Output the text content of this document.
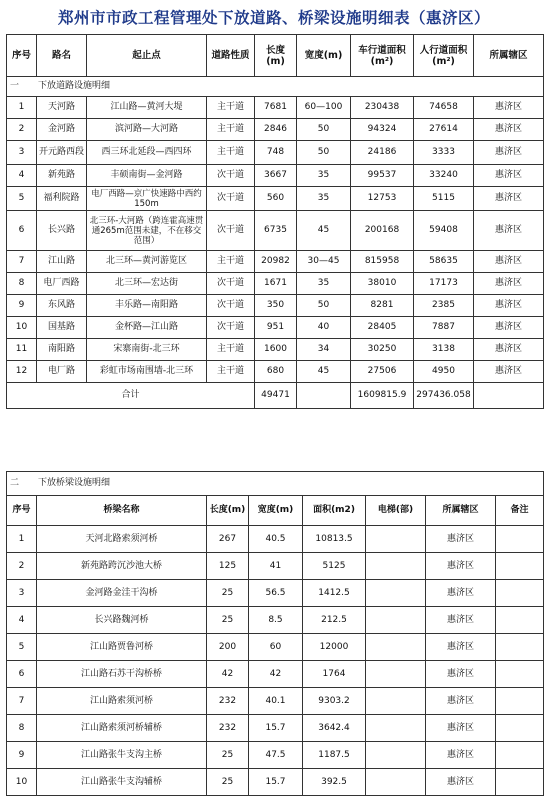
郑州市市政工程管理处下放道路、桥梁设施明细表（惠济区）
序号	路名	起止点	道路性质	长度(m)	宽度(m)	车行道面积(m²)	人行道面积(m²)	所属辖区
一 下放道路设施明细								
1	天河路	江山路—黄河大堤	主干道	7681	60—100	230438	74658	惠济区
2	金河路	滨河路—大河路	主干道	2846	50	94324	27614	惠济区
3	开元路西段	西三环北延段—西四环	主干道	748	50	24186	3333	惠济区
4	新苑路	丰硕南街—金河路	次干道	3667	35	99537	33240	惠济区
5	福利院路	电厂西路—京广快速路中西约150m	次干道	560	35	12753	5115	惠济区
6	长兴路	北三环-大河路（跨连霍高速贯通265m范围未建，不在移交范围）	次干道	6735	45	200168	59408	惠济区
7	江山路	北三环—黄河游览区	主干道	20982	30—45	815958	58635	惠济区
8	电厂西路	北三环—宏达街	次干道	1671	35	38010	17173	惠济区
9	东风路	丰乐路—南阳路	次干道	350	50	8281	2385	惠济区
10	国基路	金杯路—江山路	次干道	951	40	28405	7887	惠济区
11	南阳路	宋寨南街-北三环	主干道	1600	34	30250	3138	惠济区
12	电厂路	彩虹市场南围墙-北三环	主干道	680	45	27506	4950	惠济区
合计				49471		1609815.9	297436.058	
二 下放桥梁设施明细							
序号	桥梁名称	长度(m)	宽度(m)	面积(m2)	电梯(部)	所属辖区	备注
1	天河北路索须河桥	267	40.5	10813.5		惠济区	
2	新苑路跨沉沙池大桥	125	41	5125		惠济区	
3	金河路金洼干沟桥	25	56.5	1412.5		惠济区	
4	长兴路魏河桥	25	8.5	212.5		惠济区	
5	江山路贾鲁河桥	200	60	12000		惠济区	
6	江山路石苏干沟桥桥	42	42	1764		惠济区	
7	江山路索须河桥	232	40.1	9303.2		惠济区	
8	江山路索须河桥辅桥	232	15.7	3642.4		惠济区	
9	江山路张牛支沟主桥	25	47.5	1187.5		惠济区	
10	江山路张牛支沟辅桥	25	15.7	392.5		惠济区	
